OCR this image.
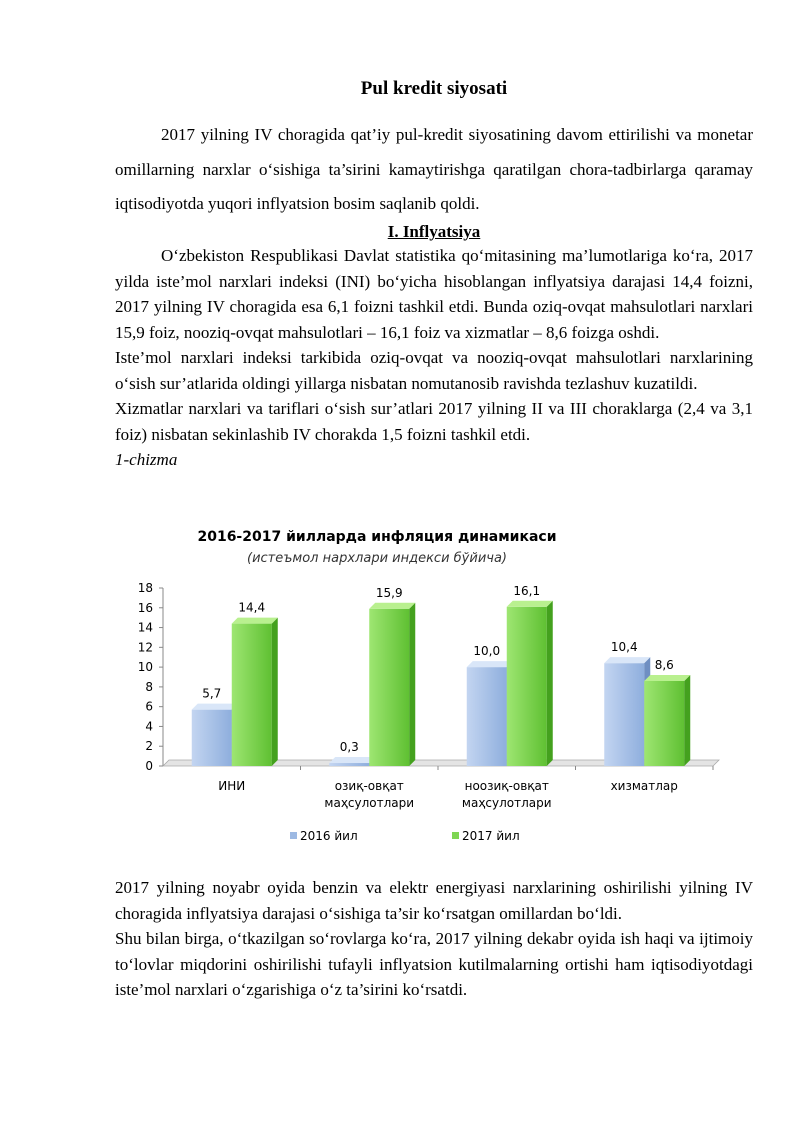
Pul kredit siyosati

2017 yilning IV choragida qat’iy pul-kredit siyosatining davom ettirilishi va monetar omillarning narxlar o‘sishiga ta’sirini kamaytirishga qaratilgan chora-tadbirlarga qaramay iqtisodiyotda yuqori inflyatsion bosim saqlanib qoldi.

I. Inflyatsiya

O‘zbekiston Respublikasi Davlat statistika qo‘mitasining ma’lumotlariga ko‘ra, 2017 yilda iste’mol narxlari indeksi (INI) bo‘yicha hisoblangan inflyatsiya darajasi 14,4 foizni, 2017 yilning IV choragida esa 6,1 foizni tashkil etdi. Bunda oziq-ovqat mahsulotlari narxlari 15,9 foiz, nooziq-ovqat mahsulotlari – 16,1 foiz va xizmatlar – 8,6 foizga oshdi.

Iste’mol narxlari indeksi tarkibida oziq-ovqat va nooziq-ovqat mahsulotlari narxlarining o‘sish sur’atlarida oldingi yillarga nisbatan nomutanosib ravishda tezlashuv kuzatildi.

Xizmatlar narxlari va tariflari o‘sish sur’atlari 2017 yilning II va III choraklarga (2,4 va 3,1 foiz) nisbatan sekinlashib IV chorakda 1,5 foizni tashkil etdi.

1-chizma

2016-2017 йилларда инфляция динамикаси
(истеъмол нархлари индекси бўйича)
0
2
4
6
8
10
12
14
16
18
5,7
14,4
ИНИ
0,3
15,9
озиқ-овқат
маҳсулотлари
10,0
16,1
ноозиқ-овқат
маҳсулотлари
10,4
8,6
хизматлар
2016 йил	2017 йил

2017 yilning noyabr oyida benzin va elektr energiyasi narxlarining oshirilishi yilning IV choragida inflyatsiya darajasi o‘sishiga ta’sir ko‘rsatgan omillardan bo‘ldi.

Shu bilan birga, o‘tkazilgan so‘rovlarga ko‘ra, 2017 yilning dekabr oyida ish haqi va ijtimoiy to‘lovlar miqdorini oshirilishi tufayli inflyatsion kutilmalarning ortishi ham iqtisodiyotdagi iste’mol narxlari o‘zgarishiga o‘z ta’sirini ko‘rsatdi.
